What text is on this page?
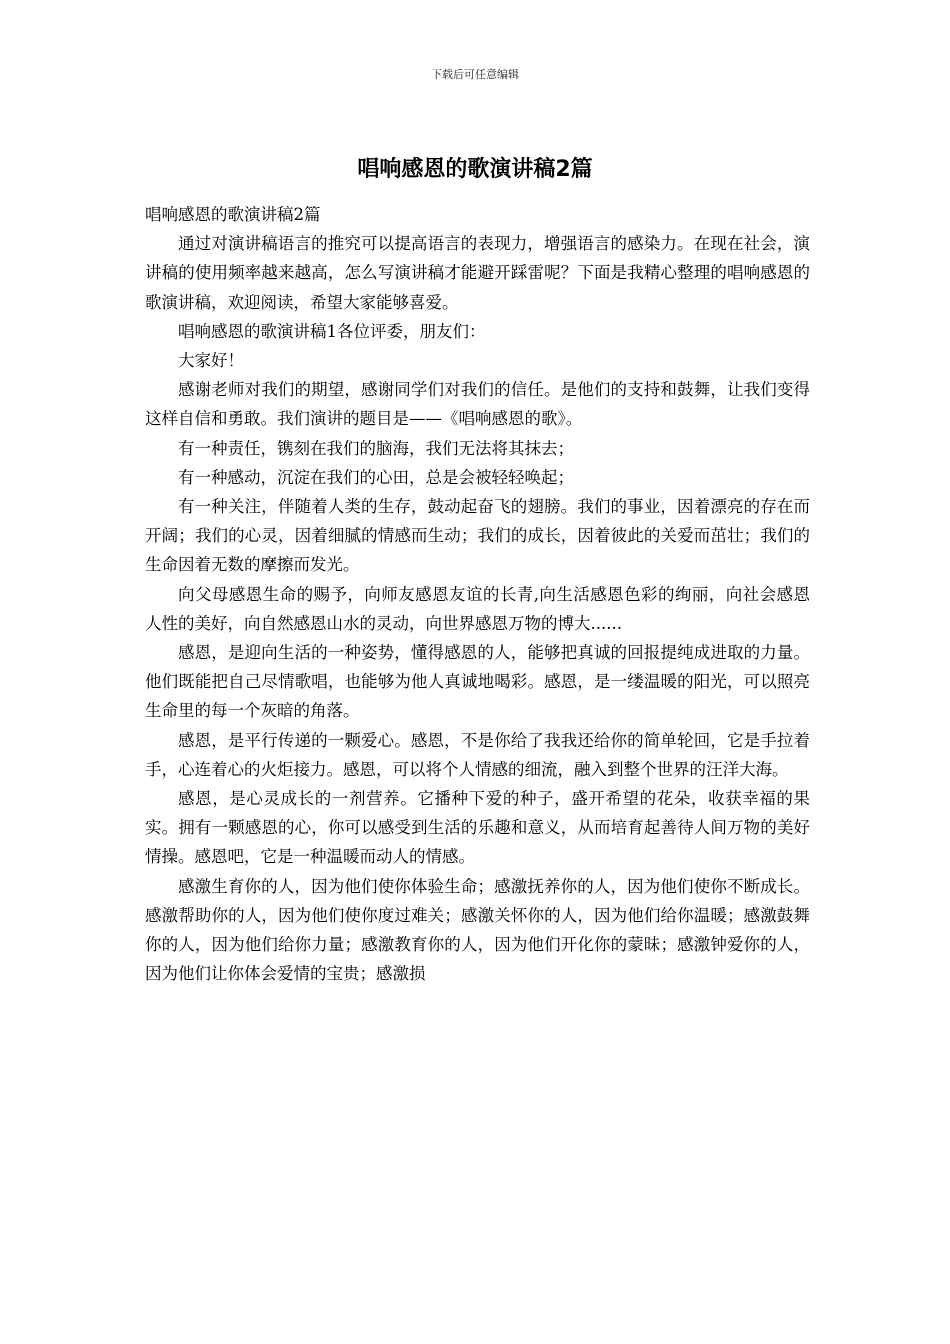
下载后可任意编辑
唱响感恩的歌演讲稿2篇

唱响感恩的歌演讲稿2篇

通过对演讲稿语言的推究可以提高语言的表现力，增强语言的感染力。在现在社会，演讲稿的使用频率越来越高，怎么写演讲稿才能避开踩雷呢？下面是我精心整理的唱响感恩的歌演讲稿，欢迎阅读，希望大家能够喜爱。

唱响感恩的歌演讲稿1各位评委，朋友们：

大家好！

感谢老师对我们的期望，感谢同学们对我们的信任。是他们的支持和鼓舞，让我们变得这样自信和勇敢。我们演讲的题目是——《唱响感恩的歌》。

有一种责任，镌刻在我们的脑海，我们无法将其抹去；

有一种感动，沉淀在我们的心田，总是会被轻轻唤起；

有一种关注，伴随着人类的生存，鼓动起奋飞的翅膀。我们的事业，因着漂亮的存在而开阔；我们的心灵，因着细腻的情感而生动；我们的成长，因着彼此的关爱而茁壮；我们的生命因着无数的摩擦而发光。

向父母感恩生命的赐予，向师友感恩友谊的长青,向生活感恩色彩的绚丽，向社会感恩人性的美好，向自然感恩山水的灵动，向世界感恩万物的博大......

感恩，是迎向生活的一种姿势，懂得感恩的人，能够把真诚的回报提纯成进取的力量。他们既能把自己尽情歌唱，也能够为他人真诚地喝彩。感恩，是一缕温暖的阳光，可以照亮生命里的每一个灰暗的角落。

感恩，是平行传递的一颗爱心。感恩，不是你给了我我还给你的简单轮回，它是手拉着手，心连着心的火炬接力。感恩，可以将个人情感的细流，融入到整个世界的汪洋大海。

感恩，是心灵成长的一剂营养。它播种下爱的种子，盛开希望的花朵，收获幸福的果实。拥有一颗感恩的心，你可以感受到生活的乐趣和意义，从而培育起善待人间万物的美好情操。感恩吧，它是一种温暖而动人的情感。

感激生育你的人，因为他们使你体验生命；感激抚养你的人，因为他们使你不断成长。感激帮助你的人，因为他们使你度过难关；感激关怀你的人，因为他们给你温暖；感激鼓舞你的人，因为他们给你力量；感激教育你的人，因为他们开化你的蒙昧；感激钟爱你的人，因为他们让你体会爱情的宝贵；感激损
